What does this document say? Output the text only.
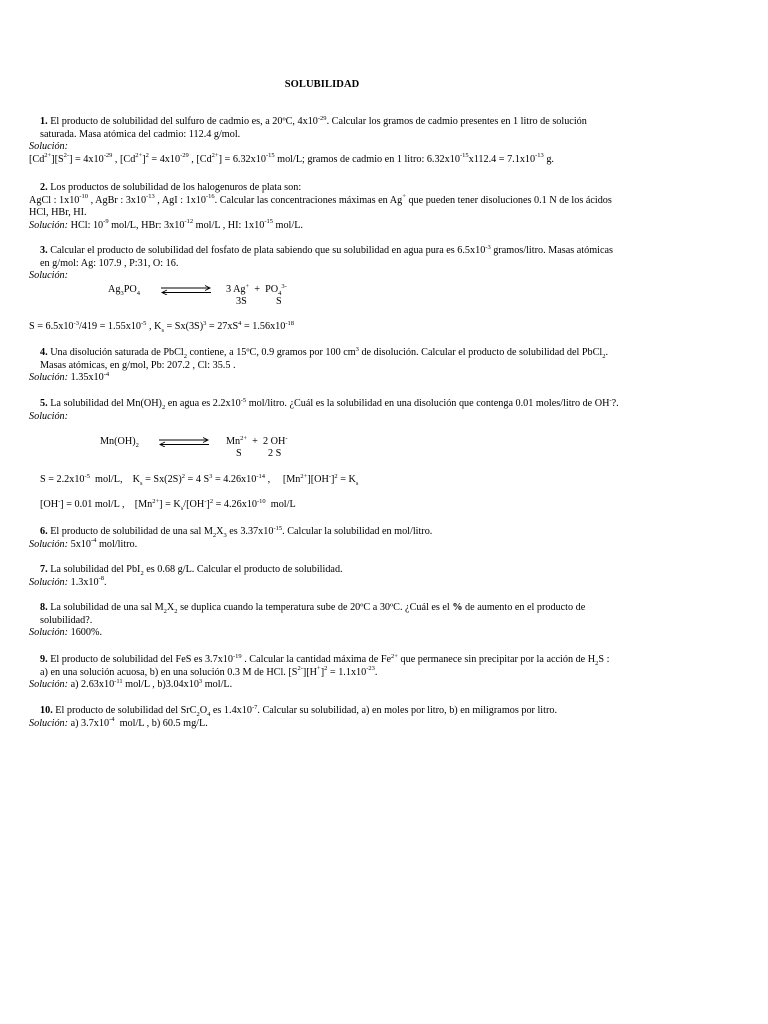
SOLUBILIDAD

1. El producto de solubilidad del sulfuro de cadmio es, a 20ºC, $4x10^{-29}$. Calcular los gramos de cadmio presentes en 1 litro de solución saturada. Masa atómica del cadmio: 112.4 g/mol.

Solución:

$[Cd^{2+}][S^{2-}] = 4x10^{-29}$ , $[Cd^{2+}]^2 = 4x10^{-29}$ , $[Cd^{2+}] = 6.32x10^{-15}$ mol/L; gramos de cadmio en 1 litro: $6.32x10^{-15}x112.4 = 7.1x10^{-13}$ g.

2. Los productos de solubilidad de los halogenuros de plata son:

AgCl : $1x10^{-10}$ , AgBr : $3x10^{-13}$ , AgI : $1x10^{-16}$. Calcular las concentraciones máximas en Ag+ que pueden tener disoluciones 0.1 N de los ácidos HCl, HBr, HI.

Solución: HCl: $10^{-9}$ mol/L, HBr: $3x10^{-12}$ mol/L , HI: $1x10^{-15}$ mol/L.

3. Calcular el producto de solubilidad del fosfato de plata sabiendo que su solubilidad en agua pura es $6.5x10^{-3}$ gramos/litro. Masas atómicas en g/mol: Ag: 107.9 , P:31, O: 16.

Solución:

$Ag_3PO_4$ ⇌ 3 $Ag^+ + PO_4^{3-}$
3S	S
$S = 6.5x10^{-3}/419 = 1.55x10^{-5}$ , $K_s = Sx(3S)^3 = 27xS^4 = 1.56x10^{-18}$

4. Una disolución saturada de PbCl$_2$ contiene, a 15ºC, 0.9 gramos por 100 $cm^3$ de disolución. Calcular el producto de solubilidad del PbCl$_2$. Masas atómicas, en g/mol, Pb: 207.2 , Cl: 35.5 .

Solución: $1.35x10^{-4}$

5. La solubilidad del $Mn(OH)_2$ en agua es $2.2x10^{-5}$ mol/litro. ¿Cuál es la solubilidad en una disolución que contenga 0.01 moles/litro de OH-?.

Solución:

$Mn(OH)_2$ ⇌ $Mn^{2+} + 2$ OH-
S	2 S
$S = 2.2x10^{-5}$  mol/L,    $K_s = Sx(2S)^2 = 4$ $S^3 = 4.26x10^{-14}$ ,     $[Mn^{2+}][OH^-]^2 = K_s$
[OH-] = 0.01 mol/L ,    $[Mn^{2+}] = K_s/[OH^-]^2 = 4.26x10^{-10}$  mol/L

6. El producto de solubilidad de una sal $M_2X_3$ es $3.37x10^{-15}$. Calcular la solubilidad en mol/litro.

Solución: $5x10^{-4}$ mol/litro.

7. La solubilidad del PbI$_2$ es 0.68 g/L. Calcular el producto de solubilidad.

Solución: $1.3x10^{-8}$.

8. La solubilidad de una sal $M_2X_2$ se duplica cuando la temperatura sube de 20ºC a 30ºC. ¿Cuál es el % de aumento en el producto de solubilidad?.

Solución: 1600%.

9. El producto de solubilidad del FeS es $3.7x10^{-19}$ . Calcular la cantidad máxima de $Fe^{2+}$ que permanece sin precipitar por la acción de $H_2S$ : a) en una solución acuosa, b) en una solución 0.3 M de HCl. $[S^{2-}][H^+]^2 = 1.1x10^{-23}$.

Solución: a) $2.63x10^{-11}$ mol/L , $b)3.04x10^3$ mol/L.

10. El producto de solubilidad del $SrC_2O_4$ es $1.4x10^{-7}$. Calcular su solubilidad, a) en moles por litro, b) en miligramos por litro.

Solución: a) $3.7x10^{-4}$  mol/L , b) 60.5 mg/L.
